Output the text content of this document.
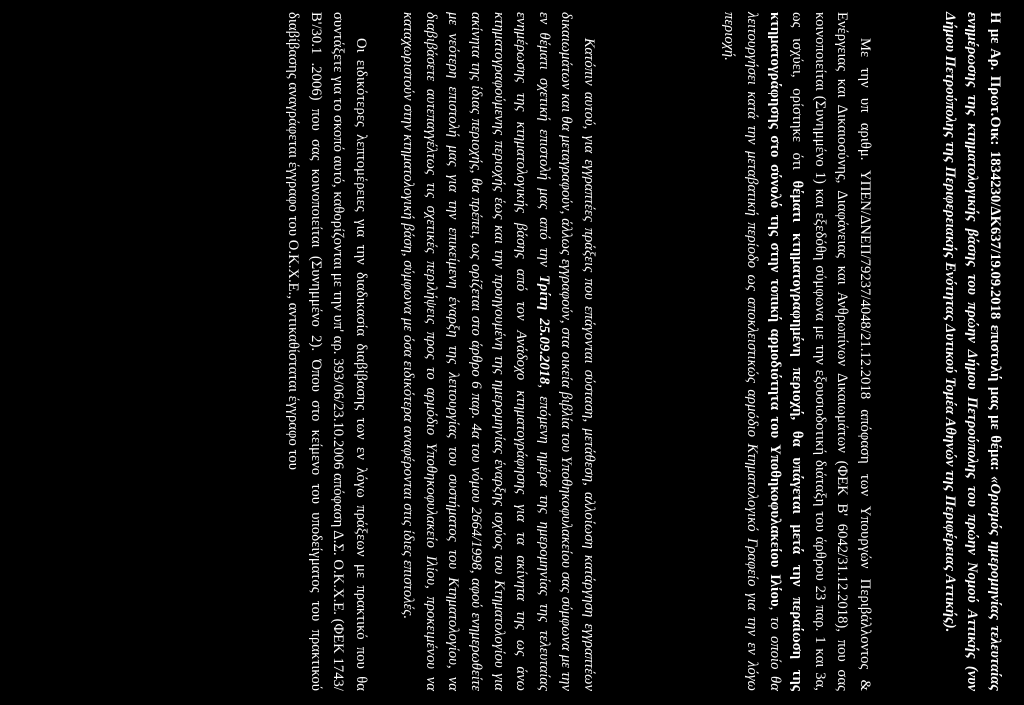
Η με Αρ. Πρωτ.Οικ: 1834230/ΔΚ637/19.09.2018 επιστολή μας με θέμα: «Ορισμός ημερομηνίας τελευταίας ενημέρωσης της κτηματολογικής βάσης του πρώην Δήμου Πετρούπολης του πρώην Νομού Αττικής (νυν Δήμου Πετρούπολης της Περιφερειακής Ενότητας Δυτικού Τομέα Αθηνών της Περιφέρειας Αττικής).

Με την υπ αριθμ. ΥΠΕΝ/ΔΝΕΠ/79237/4048/21.12.2018 απόφαση των Υπουργών Περιβάλλοντος & Ενέργειας και Δικαιοσύνης, Διαφάνειας και Ανθρωπίνων Δικαιωμάτων (ΦΕΚ Β' 6042/31.12.2018), που σας κοινοποιείται (Συνημμένο 1) και εξεδόθη σύμφωνα με την εξουσιοδοτική διάταξη του άρθρου 23 παρ. 1 και 3α, ως ισχύει, ορίστηκε ότι θέματι κτηματογραφημένη περιοχή, θα υπάγεται μετά την περαίωση της κτηματογράφησης στο σύνολό της στην τοπική αρμοδιότητα του Υποθηκοφυλακείου Ιλίου, το οποίο θα λειτουργήσει κατά την μεταβατική περίοδο ως αποκλειστικώς αρμόδιο Κτηματολογικό Γραφείο για την εν λόγω περιοχή.

Κατόπιν αυτού, για εγγραπτέες πράξεις που επάγονται σύσταση, μετάθεση, αλλοίωση κατάργηση εγγραπτέων δικαιωμάτων και θα μεταγραφούν, άλλως εγγραφούν, στα οικεία βιβλία του Υποθηκοφυλακείου σας σύμφωνα με την εν θέματι σχετική επιστολή μας από την Τρίτη 25.09.2018, επόμενη ημέρα της ημερομηνίας της τελευταίας ενημέρωσης της κτηματολογικής βάσης από τον Ανάδοχο κτηματογράφησης για τα ακίνητα της ως άνω κτηματογραφούμενης περιοχής έως και την προηγουμένη της ημερομηνίας έναρξης ισχύος του Κτηματολογίου για ακίνητα της ίδιας περιοχής, θα πρέπει, ως ορίζεται στο άρθρο 6 παρ. 4α του νόμου 2664/1998, αφού ενημερωθείτε με νεότερη επιστολή μας για την επικείμενη έναρξη της λειτουργίας του συστήματος του Κτηματολογίου, να διαβιβάσετε αυτεπαγγέλτως τις σχετικές περιλήψεις προς το αρμόδιο Υποθηκοφυλακείο Ιλίου, προκειμένου να καταχωριστούν στην κτηματολογική βάση, σύμφωνα με όσα ειδικότερα αναφέρονται στις ίδιες επιστολές.

Οι ειδικότερες λεπτομέρειες για την διαδικασία διαβίβασης των εν λόγω πράξεων με πρακτικό που θα συντάξετε για το σκοπό αυτό, καθορίζονται με την υπ' αρ. 393/06/23.10.2006 απόφαση Δ.Σ. Ο.Κ.Χ.Ε. (ΦΕΚ 1743/Β'/30.1 .2006) που σας κοινοποιείται (Συνημμένο 2). Όπου στο κείμενο του υποδείγματος του πρακτικού διαβίβασης αναγράφεται έγγραφο του Ο.Κ.Χ.Ε., αντικαθίσταται έγγραφο του
